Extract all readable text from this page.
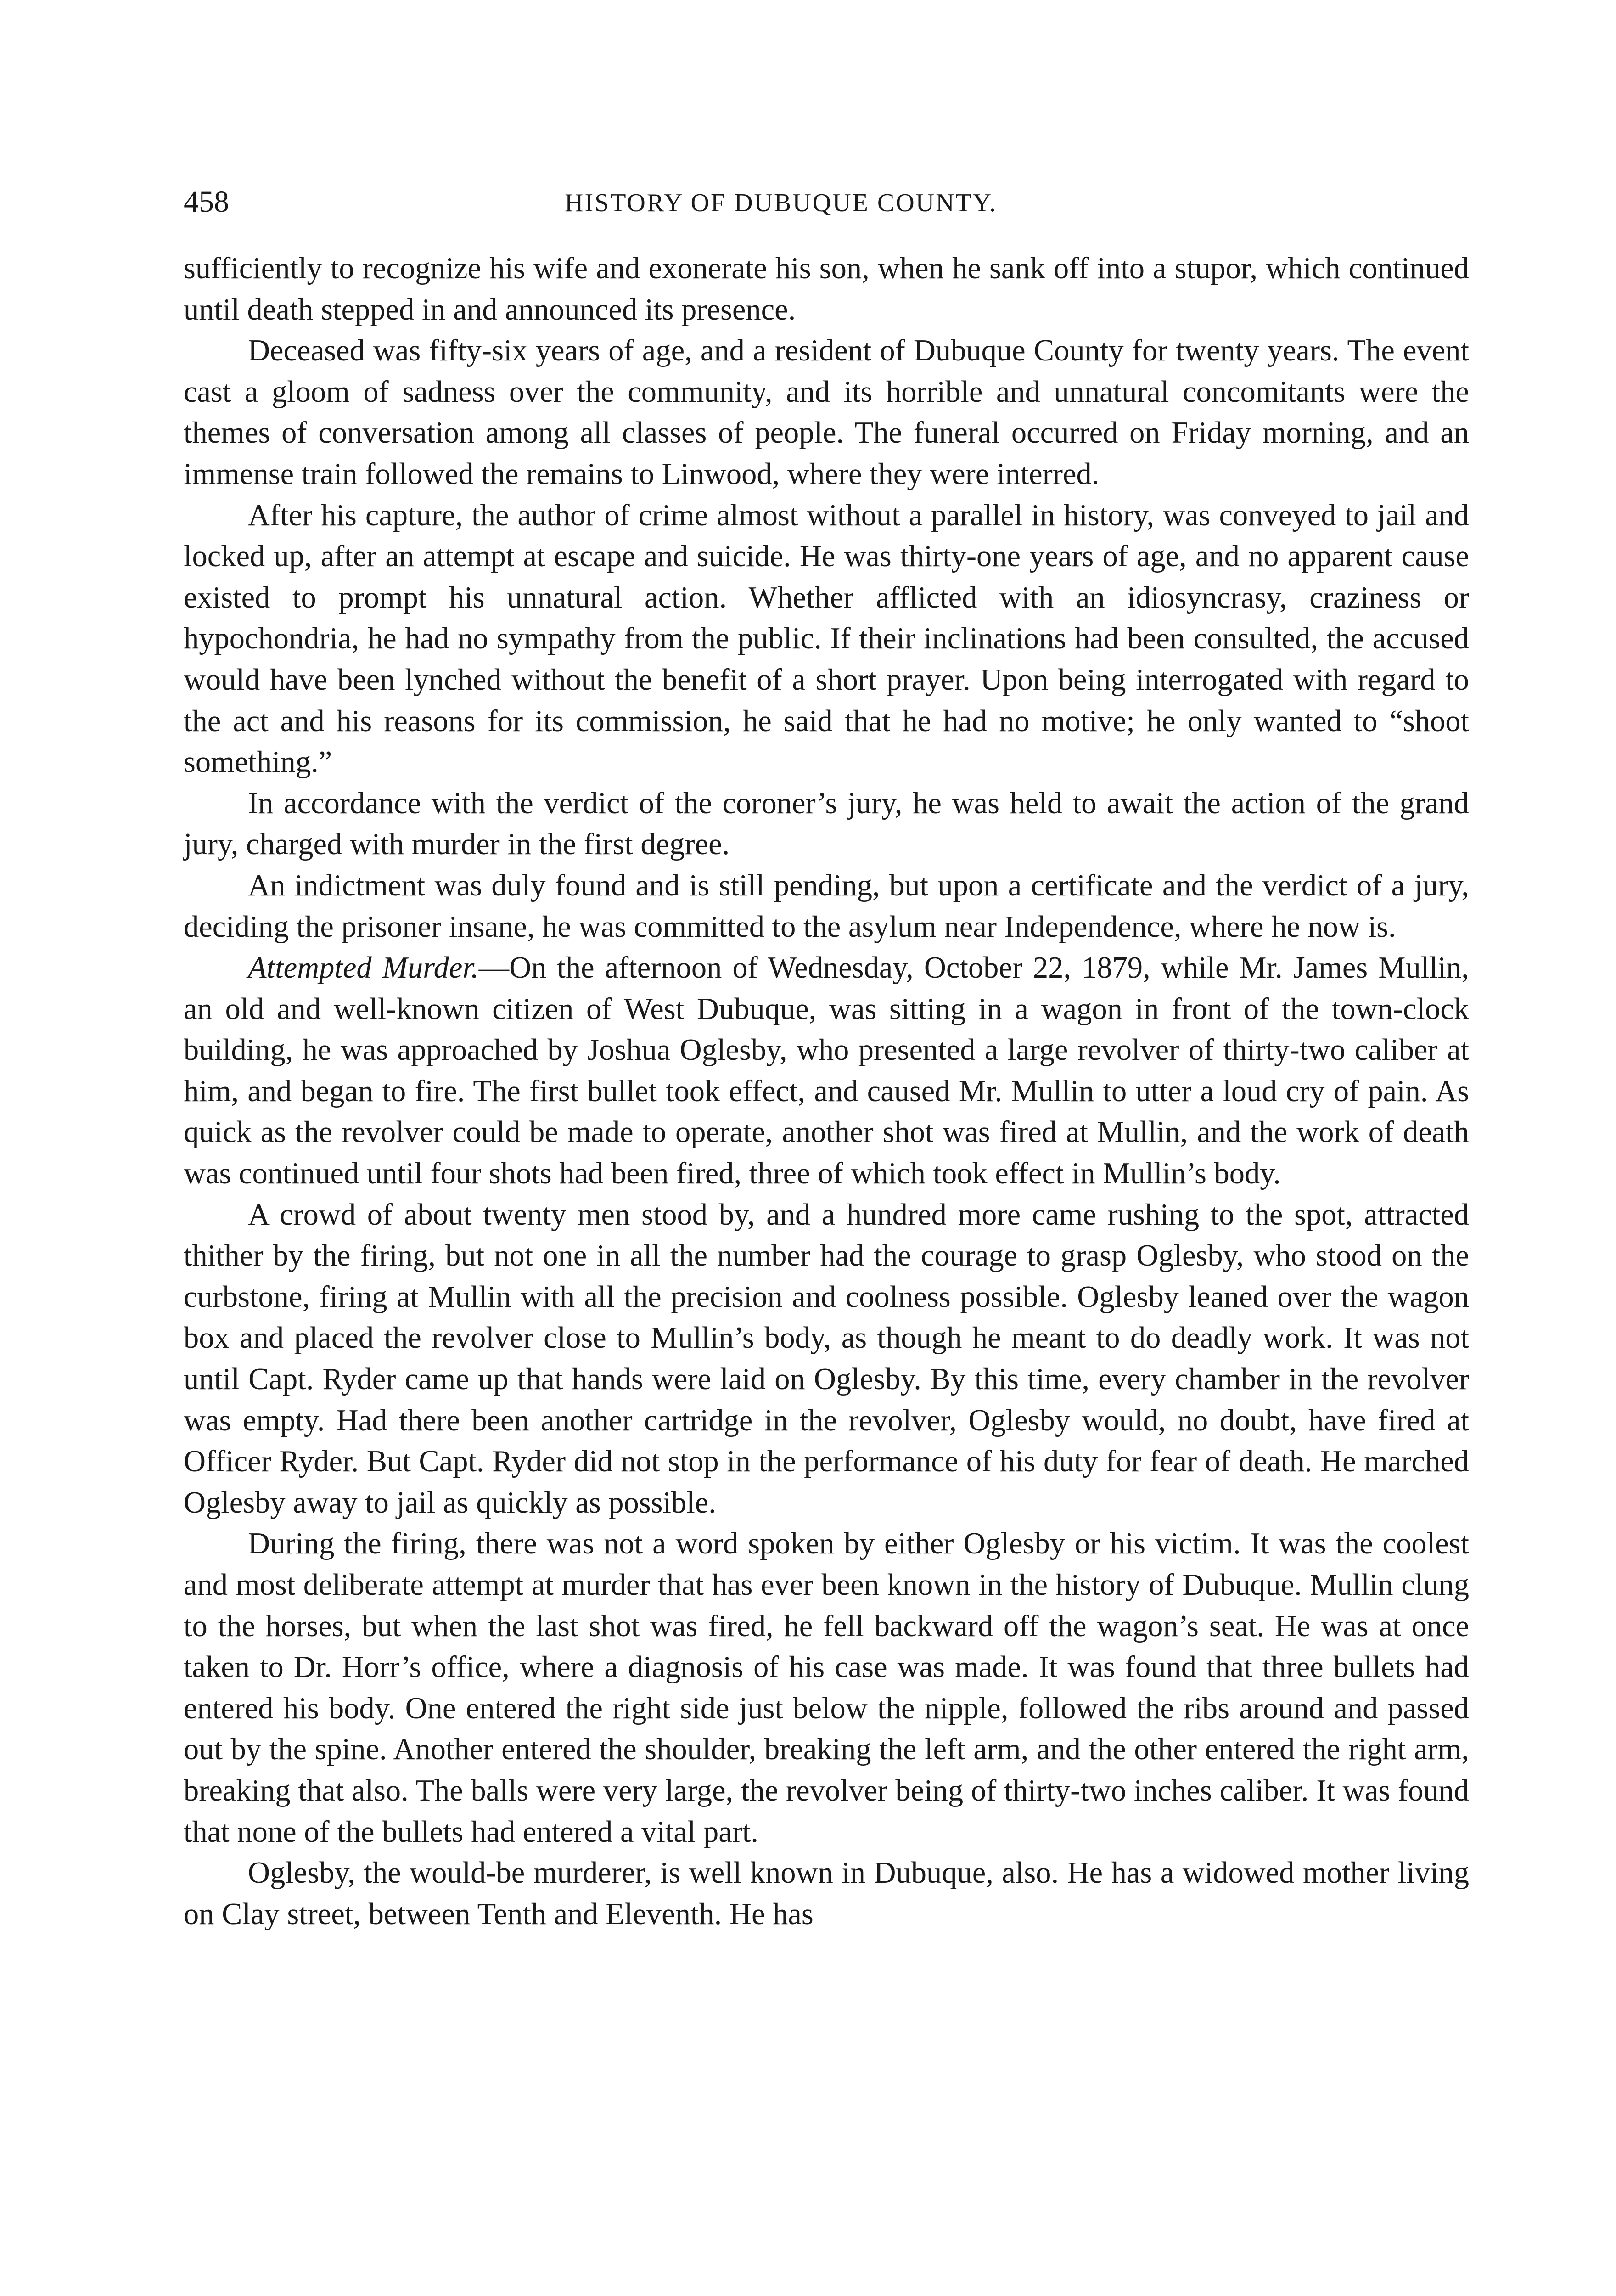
458	HISTORY OF DUBUQUE COUNTY.

sufficiently to recognize his wife and exonerate his son, when he sank off into a stupor, which continued until death stepped in and announced its presence.

Deceased was fifty-six years of age, and a resident of Dubuque County for twenty years. The event cast a gloom of sadness over the community, and its horrible and unnatural concomitants were the themes of conversation among all classes of people. The funeral occurred on Friday morning, and an immense train followed the remains to Linwood, where they were interred.

After his capture, the author of crime almost without a parallel in history, was conveyed to jail and locked up, after an attempt at escape and suicide. He was thirty-one years of age, and no apparent cause existed to prompt his unnatural action. Whether afflicted with an idiosyncrasy, craziness or hypochondria, he had no sympathy from the public. If their inclinations had been consulted, the accused would have been lynched without the benefit of a short prayer. Upon being interrogated with regard to the act and his reasons for its commission, he said that he had no motive; he only wanted to “shoot something.”

In accordance with the verdict of the coroner’s jury, he was held to await the action of the grand jury, charged with murder in the first degree.

An indictment was duly found and is still pending, but upon a certificate and the verdict of a jury, deciding the prisoner insane, he was committed to the asylum near Independence, where he now is.

Attempted Murder.—On the afternoon of Wednesday, October 22, 1879, while Mr. James Mullin, an old and well-known citizen of West Dubuque, was sitting in a wagon in front of the town-clock building, he was approached by Joshua Oglesby, who presented a large revolver of thirty-two caliber at him, and began to fire. The first bullet took effect, and caused Mr. Mullin to utter a loud cry of pain. As quick as the revolver could be made to operate, another shot was fired at Mullin, and the work of death was continued until four shots had been fired, three of which took effect in Mullin’s body.

A crowd of about twenty men stood by, and a hundred more came rushing to the spot, attracted thither by the firing, but not one in all the number had the courage to grasp Oglesby, who stood on the curbstone, firing at Mullin with all the precision and coolness possible. Oglesby leaned over the wagon box and placed the revolver close to Mullin’s body, as though he meant to do deadly work. It was not until Capt. Ryder came up that hands were laid on Oglesby. By this time, every chamber in the revolver was empty. Had there been another cartridge in the revolver, Oglesby would, no doubt, have fired at Officer Ryder. But Capt. Ryder did not stop in the performance of his duty for fear of death. He marched Oglesby away to jail as quickly as possible.

During the firing, there was not a word spoken by either Oglesby or his victim. It was the coolest and most deliberate attempt at murder that has ever been known in the history of Dubuque. Mullin clung to the horses, but when the last shot was fired, he fell backward off the wagon’s seat. He was at once taken to Dr. Horr’s office, where a diagnosis of his case was made. It was found that three bullets had entered his body. One entered the right side just below the nipple, followed the ribs around and passed out by the spine. Another entered the shoulder, breaking the left arm, and the other entered the right arm, breaking that also. The balls were very large, the revolver being of thirty-two inches caliber. It was found that none of the bullets had entered a vital part.

Oglesby, the would-be murderer, is well known in Dubuque, also. He has a widowed mother living on Clay street, between Tenth and Eleventh. He has
